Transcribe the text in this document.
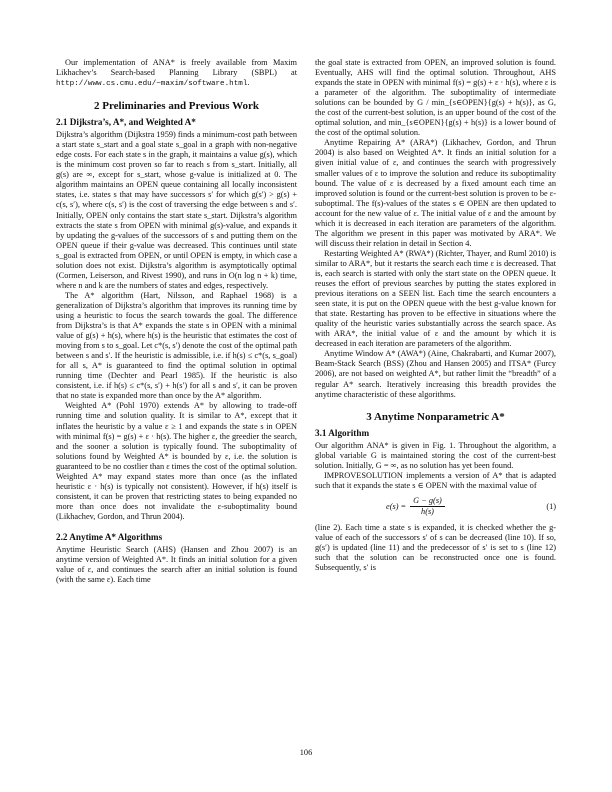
Our implementation of ANA* is freely available from Maxim Likhachev’s Search-based Planning Library (SBPL) at http://www.cs.cmu.edu/~maxim/software.html.

2 Preliminaries and Previous Work
2.1 Dijkstra’s, A*, and Weighted A*

Dijkstra’s algorithm (Dijkstra 1959) finds a minimum-cost path between a start state s_start and a goal state s_goal in a graph with non-negative edge costs. For each state s in the graph, it maintains a value g(s), which is the minimum cost proven so far to reach s from s_start. Initially, all g(s) are ∞, except for s_start, whose g-value is initialized at 0. The algorithm maintains an OPEN queue containing all locally inconsistent states, i.e. states s that may have successors s′ for which g(s′) > g(s) + c(s, s′), where c(s, s′) is the cost of traversing the edge between s and s′. Initially, OPEN only contains the start state s_start. Dijkstra’s algorithm extracts the state s from OPEN with minimal g(s)-value, and expands it by updating the g-values of the successors of s and putting them on the OPEN queue if their g-value was decreased. This continues until state s_goal is extracted from OPEN, or until OPEN is empty, in which case a solution does not exist. Dijkstra’s algorithm is asymptotically optimal (Cormen, Leiserson, and Rivest 1990), and runs in O(n log n + k) time, where n and k are the numbers of states and edges, respectively.

The A* algorithm (Hart, Nilsson, and Raphael 1968) is a generalization of Dijkstra’s algorithm that improves its running time by using a heuristic to focus the search towards the goal. The difference from Dijkstra’s is that A* expands the state s in OPEN with a minimal value of g(s) + h(s), where h(s) is the heuristic that estimates the cost of moving from s to s_goal. Let c*(s, s′) denote the cost of the optimal path between s and s′. If the heuristic is admissible, i.e. if h(s) ≤ c*(s, s_goal) for all s, A* is guaranteed to find the optimal solution in optimal running time (Dechter and Pearl 1985). If the heuristic is also consistent, i.e. if h(s) ≤ c*(s, s′) + h(s′) for all s and s′, it can be proven that no state is expanded more than once by the A* algorithm.

Weighted A* (Pohl 1970) extends A* by allowing to trade-off running time and solution quality. It is similar to A*, except that it inflates the heuristic by a value ε ≥ 1 and expands the state s in OPEN with minimal f(s) = g(s) + ε · h(s). The higher ε, the greedier the search, and the sooner a solution is typically found. The suboptimality of solutions found by Weighted A* is bounded by ε, i.e. the solution is guaranteed to be no costlier than ε times the cost of the optimal solution. Weighted A* may expand states more than once (as the inflated heuristic ε · h(s) is typically not consistent). However, if h(s) itself is consistent, it can be proven that restricting states to being expanded no more than once does not invalidate the ε-suboptimality bound (Likhachev, Gordon, and Thrun 2004).

2.2 Anytime A* Algorithms

Anytime Heuristic Search (AHS) (Hansen and Zhou 2007) is an anytime version of Weighted A*. It finds an initial solution for a given value of ε, and continues the search after an initial solution is found (with the same ε). Each time

the goal state is extracted from OPEN, an improved solution is found. Eventually, AHS will find the optimal solution. Throughout, AHS expands the state in OPEN with minimal f(s) = g(s) + ε · h(s), where ε is a parameter of the algorithm. The suboptimality of intermediate solutions can be bounded by G / min_{s∈OPEN}{g(s) + h(s)}, as G, the cost of the current-best solution, is an upper bound of the cost of the optimal solution, and min_{s∈OPEN}{g(s) + h(s)} is a lower bound of the cost of the optimal solution.

Anytime Repairing A* (ARA*) (Likhachev, Gordon, and Thrun 2004) is also based on Weighted A*. It finds an initial solution for a given initial value of ε, and continues the search with progressively smaller values of ε to improve the solution and reduce its suboptimality bound. The value of ε is decreased by a fixed amount each time an improved solution is found or the current-best solution is proven to be ε-suboptimal. The f(s)-values of the states s ∈ OPEN are then updated to account for the new value of ε. The initial value of ε and the amount by which it is decreased in each iteration are parameters of the algorithm. The algorithm we present in this paper was motivated by ARA*. We will discuss their relation in detail in Section 4.

Restarting Weighted A* (RWA*) (Richter, Thayer, and Ruml 2010) is similar to ARA*, but it restarts the search each time ε is decreased. That is, each search is started with only the start state on the OPEN queue. It reuses the effort of previous searches by putting the states explored in previous iterations on a SEEN list. Each time the search encounters a seen state, it is put on the OPEN queue with the best g-value known for that state. Restarting has proven to be effective in situations where the quality of the heuristic varies substantially across the search space. As with ARA*, the initial value of ε and the amount by which it is decreased in each iteration are parameters of the algorithm.

Anytime Window A* (AWA*) (Aine, Chakrabarti, and Kumar 2007), Beam-Stack Search (BSS) (Zhou and Hansen 2005) and ITSA* (Furcy 2006), are not based on weighted A*, but rather limit the “breadth” of a regular A* search. Iteratively increasing this breadth provides the anytime characteristic of these algorithms.

3 Anytime Nonparametric A*
3.1 Algorithm

Our algorithm ANA* is given in Fig. 1. Throughout the algorithm, a global variable G is maintained storing the cost of the current-best solution. Initially, G = ∞, as no solution has yet been found.

IMPROVESOLUTION implements a version of A* that is adapted such that it expands the state s ∈ OPEN with the maximal value of

$e(s) = \frac{G - g(s)}{h(s)}$	(1)

(line 2). Each time a state s is expanded, it is checked whether the g-value of each of the successors s′ of s can be decreased (line 10). If so, g(s′) is updated (line 11) and the predecessor of s′ is set to s (line 12) such that the solution can be reconstructed once one is found. Subsequently, s′ is

106
